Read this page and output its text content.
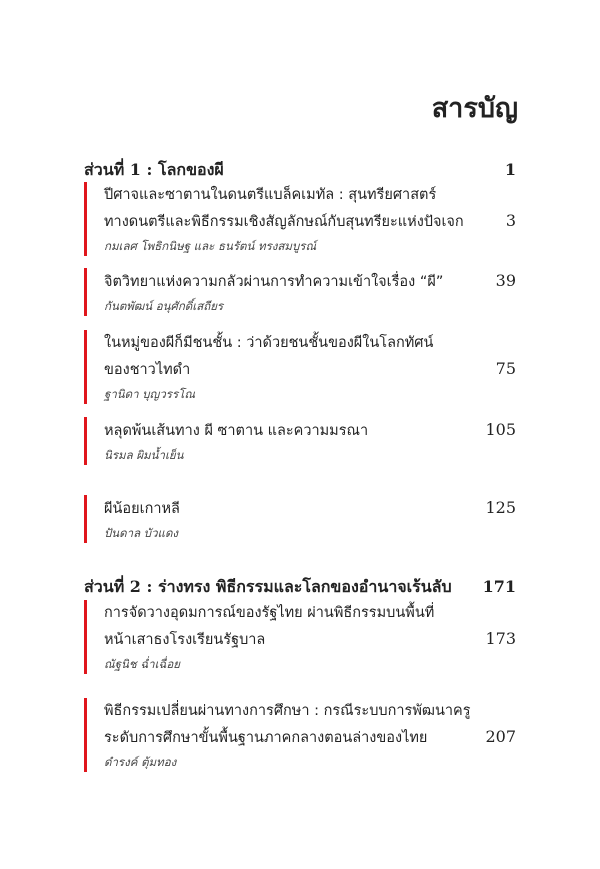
สารบัญ
ส่วนที่ 1 : โลกของผี	1
ปีศาจและซาตานในดนตรีแบล็คเมทัล : สุนทรียศาสตร์
ทางดนตรีและพิธีกรรมเชิงสัญลักษณ์กับสุนทรียะแห่งปัจเจก	3
กมเลศ โพธิกนิษฐ และ ธนรัตน์ ทรงสมบูรณ์
จิตวิทยาแห่งความกลัวผ่านการทำความเข้าใจเรื่อง “ผี”	39
กันตพัฒน์ อนุศักดิ์เสถียร
ในหมู่ของผีก็มีชนชั้น : ว่าด้วยชนชั้นของผีในโลกทัศน์
ของชาวไทดำ	75
ฐานิดา บุญวรรโณ
หลุดพ้นเส้นทาง ผี ซาตาน และความมรณา	105
นิรมล ผิมน้ำเย็น
ผีน้อยเกาหลี	125
ปันดาล บัวแดง
ส่วนที่ 2 : ร่างทรง พิธีกรรมและโลกของอำนาจเร้นลับ 171
การจัดวางอุดมการณ์ของรัฐไทย ผ่านพิธีกรรมบนพื้นที่
หน้าเสาธงโรงเรียนรัฐบาล	173
ณัฐนิช ฉ่ำเฉื่อย
พิธีกรรมเปลี่ยนผ่านทางการศึกษา : กรณีระบบการพัฒนาครู
ระดับการศึกษาขั้นพื้นฐานภาคกลางตอนล่างของไทย	207
ดำรงค์ ตุ้มทอง
